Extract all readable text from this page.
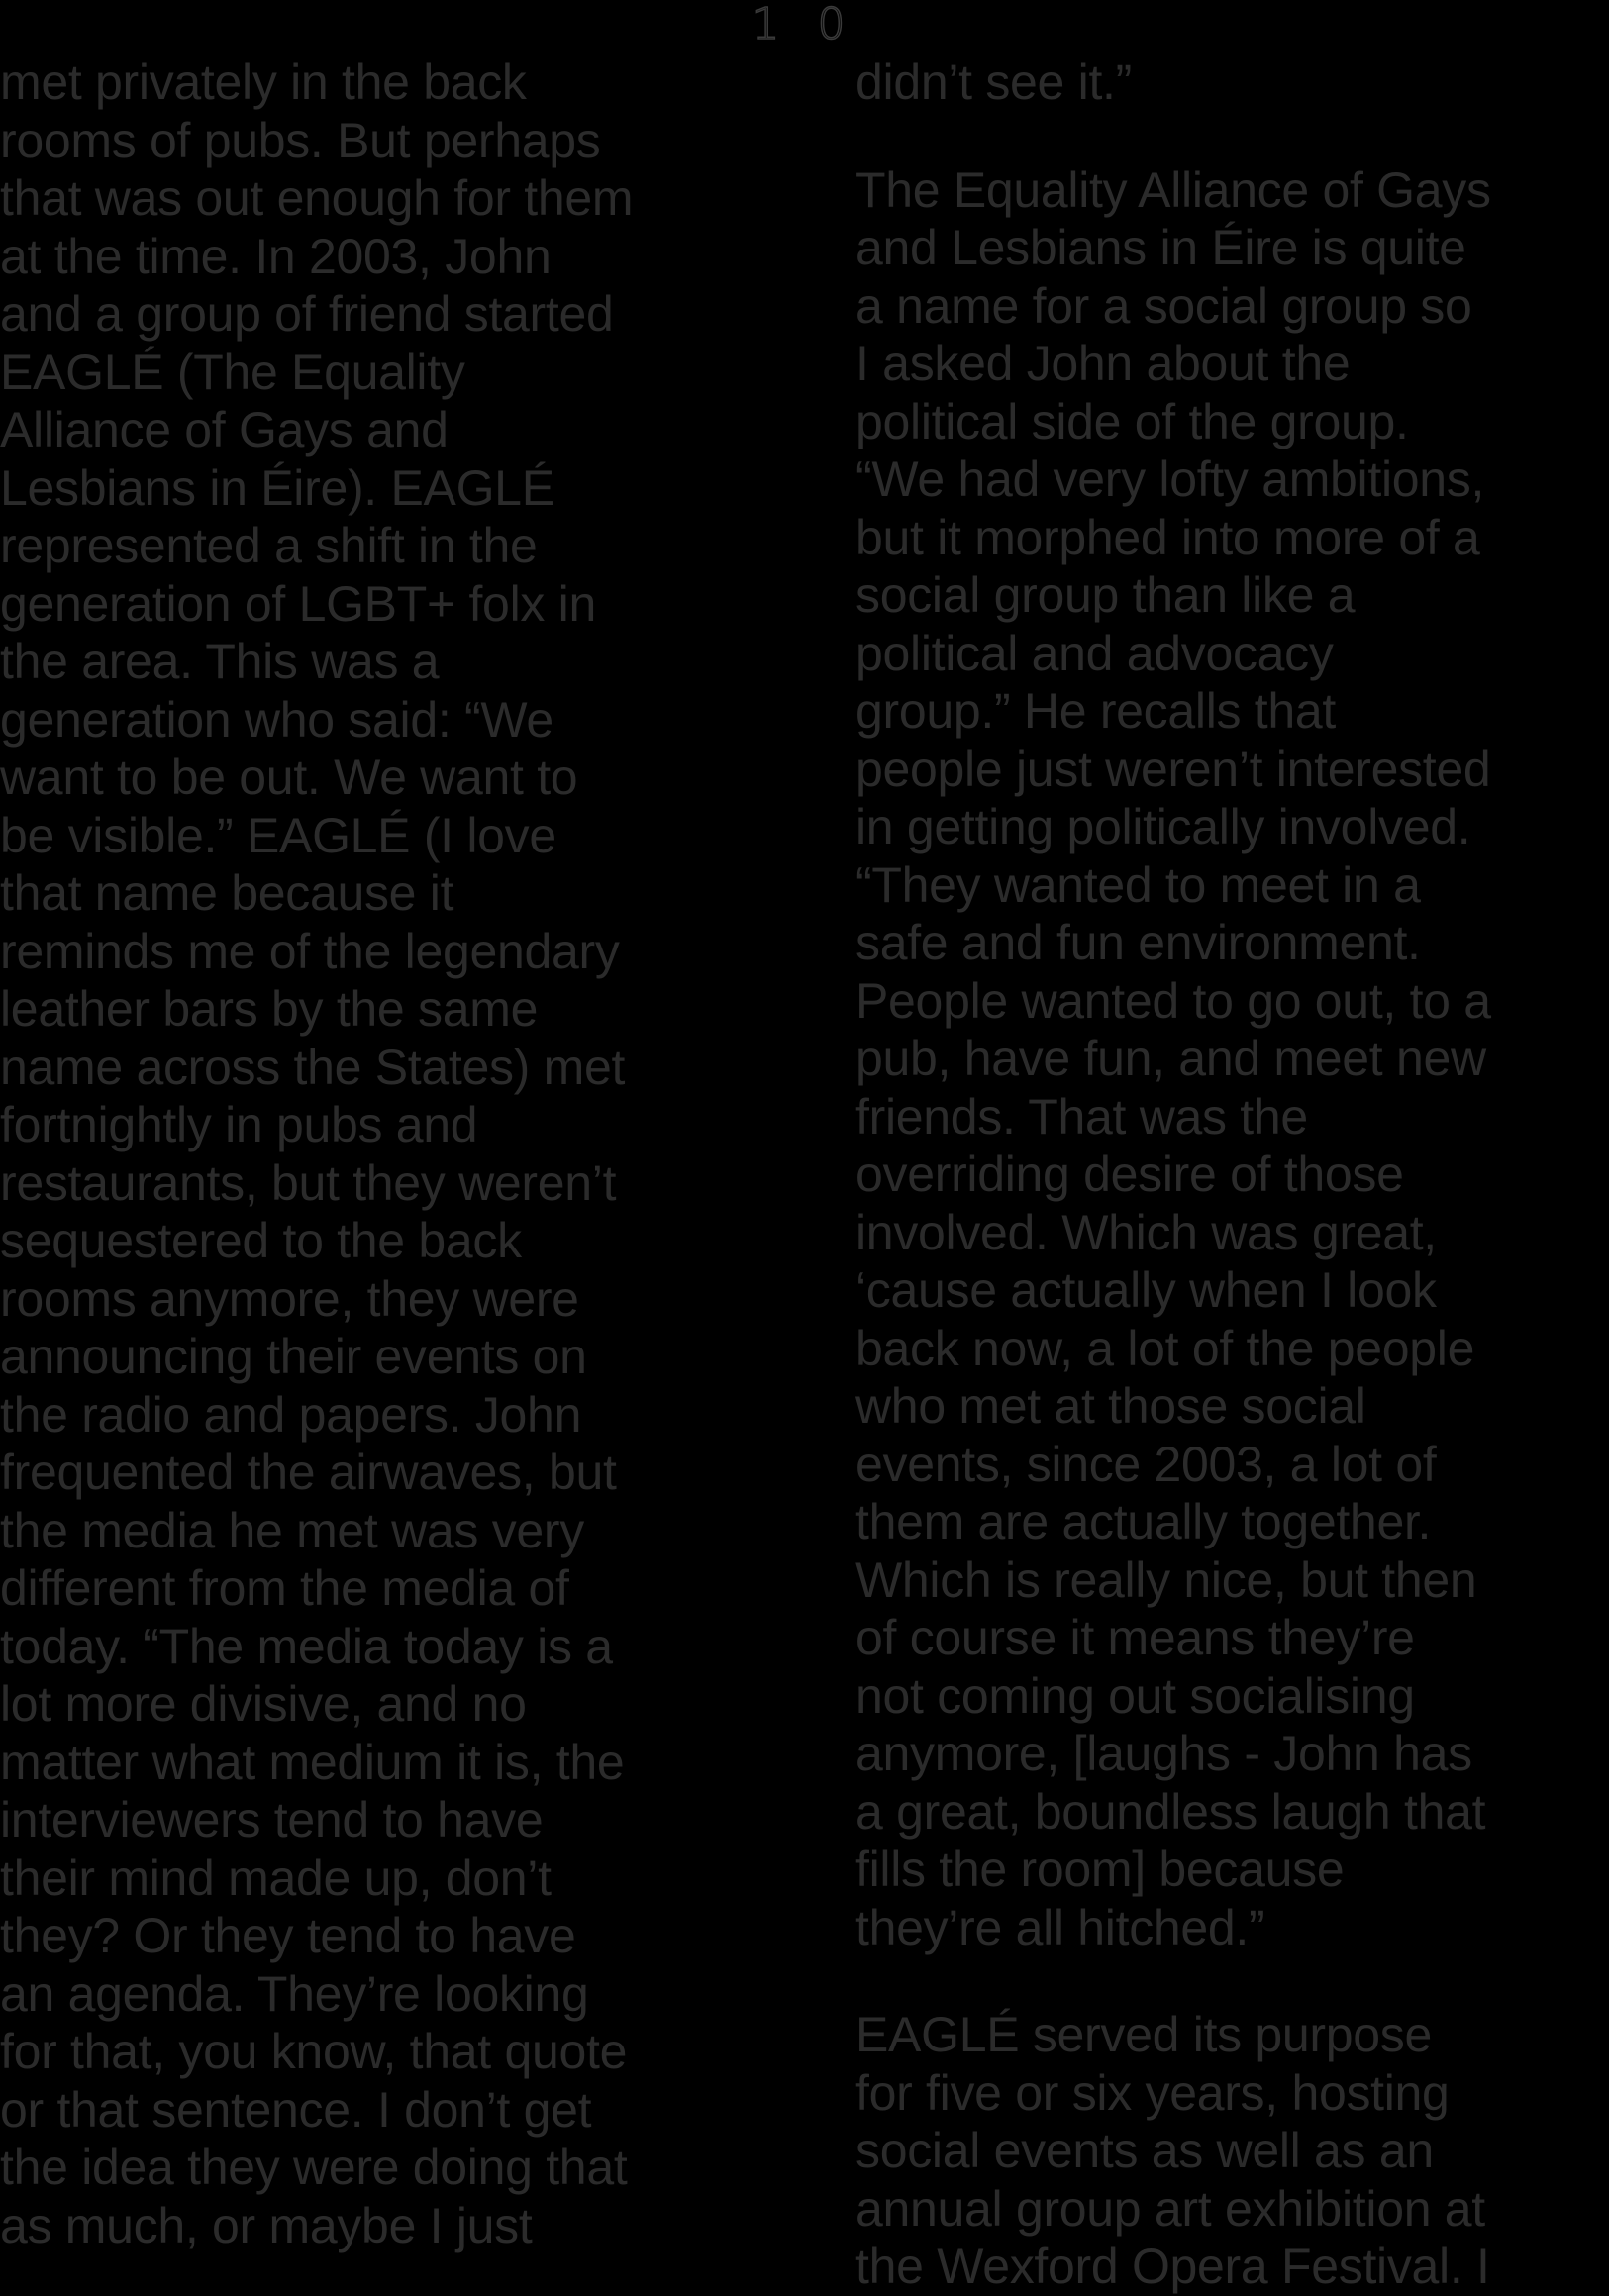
1 0
met privately in the back
rooms of pubs. But perhaps
that was out enough for them
at the time. In 2003, John
and a group of friend started
EAGLÉ (The Equality
Alliance of Gays and
Lesbians in Éire). EAGLÉ
represented a shift in the
generation of LGBT+ folx in
the area. This was a
generation who said: “We
want to be out. We want to
be visible.” EAGLÉ (I love
that name because it
reminds me of the legendary
leather bars by the same
name across the States) met
fortnightly in pubs and
restaurants, but they weren’t
sequestered to the back
rooms anymore, they were
announcing their events on
the radio and papers. John
frequented the airwaves, but
the media he met was very
different from the media of
today. “The media today is a
lot more divisive, and no
matter what medium it is, the
interviewers tend to have
their mind made up, don’t
they? Or they tend to have
an agenda. They’re looking
for that, you know, that quote
or that sentence. I don’t get
the idea they were doing that
as much, or maybe I just
didn’t see it.”
The Equality Alliance of Gays
and Lesbians in Éire is quite
a name for a social group so
I asked John about the
political side of the group.
“We had very lofty ambitions,
but it morphed into more of a
social group than like a
political and advocacy
group.” He recalls that
people just weren’t interested
in getting politically involved.
“They wanted to meet in a
safe and fun environment.
People wanted to go out, to a
pub, have fun, and meet new
friends. That was the
overriding desire of those
involved. Which was great,
‘cause actually when I look
back now, a lot of the people
who met at those social
events, since 2003, a lot of
them are actually together.
Which is really nice, but then
of course it means they’re
not coming out socialising
anymore, [laughs - John has
a great, boundless laugh that
fills the room] because
they’re all hitched.”
EAGLÉ served its purpose
for five or six years, hosting
social events as well as an
annual group art exhibition at
the Wexford Opera Festival. I
